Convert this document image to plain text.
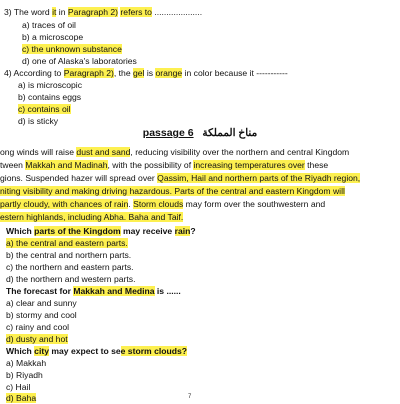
3) The word it in Paragraph 2) refers to ....................
a) traces of oil
b) a microscope
c) the unknown substance
d) one of Alaska's laboratories
4) According to Paragraph 2), the gel is orange in color because it -----------
a) is microscopic
b) contains eggs
c) contains oil
d) is sticky
passage 6 مناخ المملكة
ong winds will raise dust and sand, reducing visibility over the northern and central Kingdom
tween Makkah and Madinah, with the possibility of increasing temperatures over these
gions. Suspended hazer will spread over Qassim, Hail and northern parts of the Riyadh region,
niting visibility and making driving hazardous. Parts of the central and eastern Kingdom will
partly cloudy, with chances of rain. Storm clouds may form over the southwestern and
estern highlands, including Abha. Baha and Taif.
Which parts of the Kingdom may receive rain?
a) the central and eastern parts.
b) the central and northern parts.
c) the northern and eastern parts.
d) the northern and western parts.
The forecast for Makkah and Medina is ......
a) clear and sunny
b) stormy and cool
c) rainy and cool
d) dusty and hot
Which city may expect to see storm clouds?
a) Makkah
b) Riyadh
c) Hail
d) Baha	7
